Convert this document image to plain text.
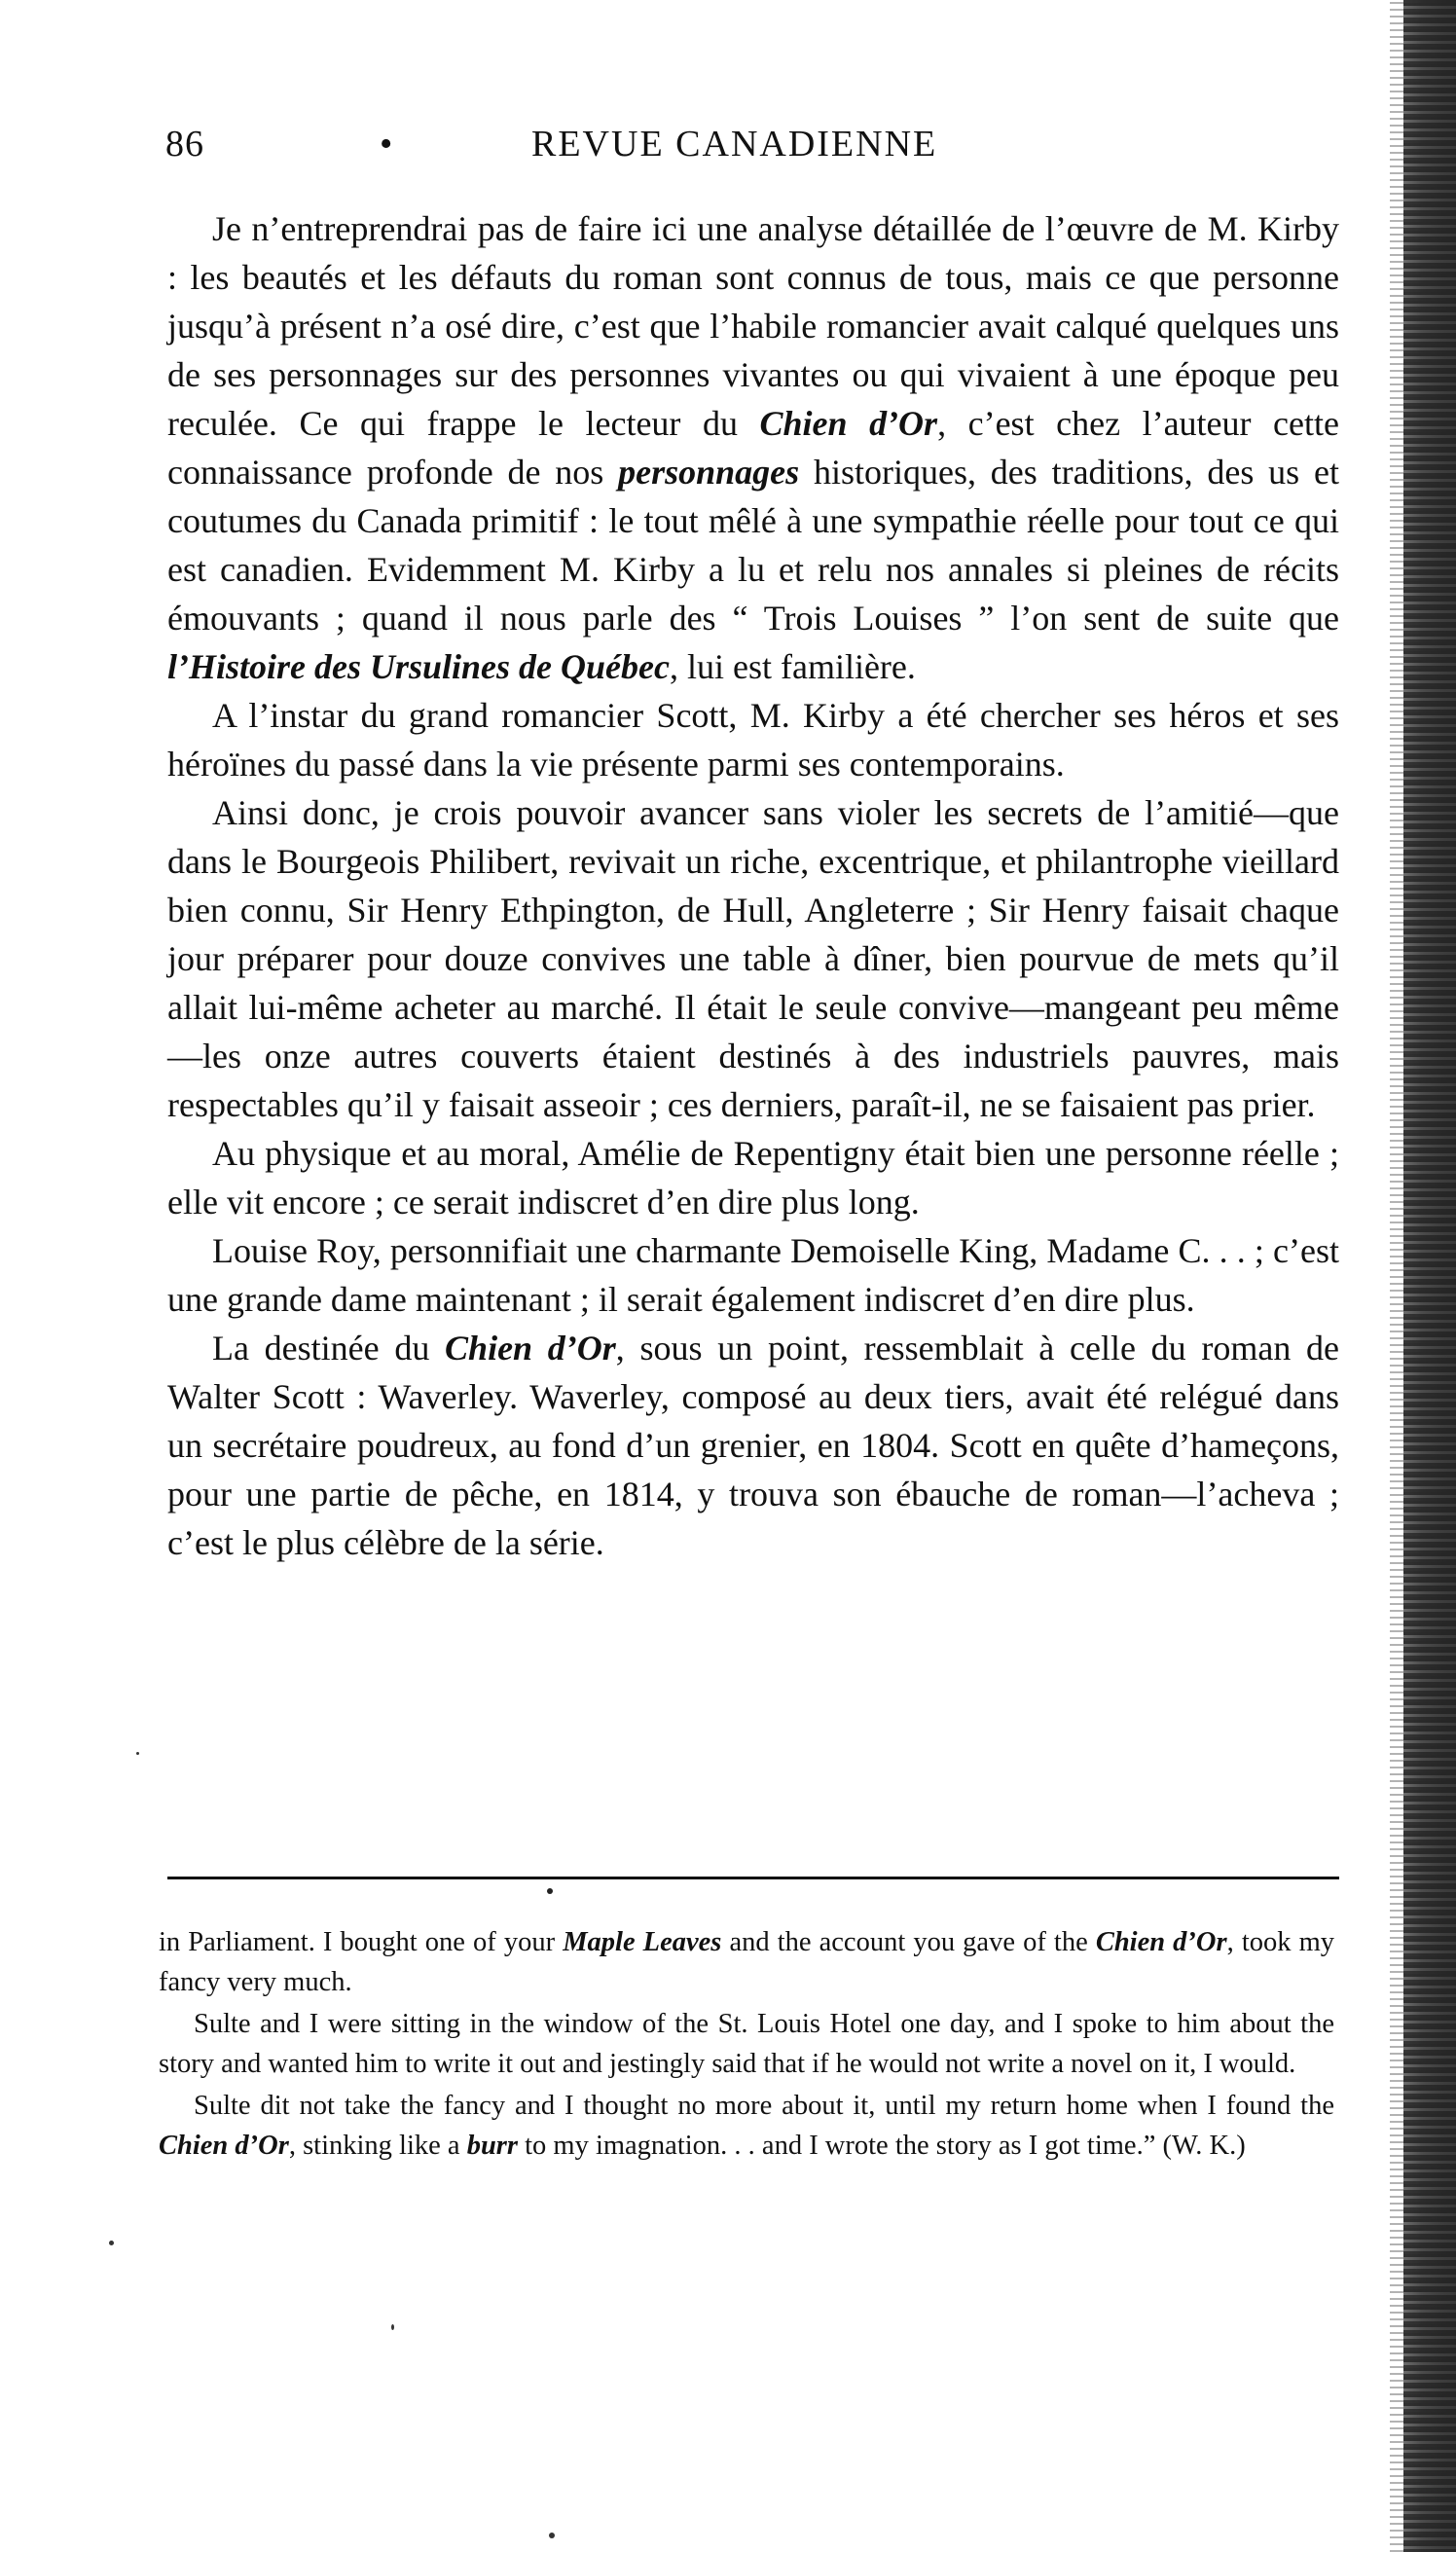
86	•	REVUE CANADIENNE

Je n’entreprendrai pas de faire ici une analyse détaillée de l’œuvre de M. Kirby : les beautés et les défauts du roman sont connus de tous, mais ce que personne jusqu’à présent n’a osé dire, c’est que l’habile romancier avait calqué quelques uns de ses personnages sur des personnes vivantes ou qui vivaient à une époque peu reculée. Ce qui frappe le lecteur du Chien d’Or, c’est chez l’auteur cette connaissance profonde de nos personnages historiques, des traditions, des us et coutumes du Canada primitif : le tout mêlé à une sympathie réelle pour tout ce qui est canadien. Evidemment M. Kirby a lu et relu nos annales si pleines de récits émouvants ; quand il nous parle des “ Trois Louises ” l’on sent de suite que l’Histoire des Ursulines de Québec, lui est familière.

A l’instar du grand romancier Scott, M. Kirby a été chercher ses héros et ses héroïnes du passé dans la vie présente parmi ses contemporains.

Ainsi donc, je crois pouvoir avancer sans violer les secrets de l’amitié—que dans le Bourgeois Philibert, revivait un riche, excentrique, et philantrophe vieillard bien connu, Sir Henry Ethpington, de Hull, Angleterre ; Sir Henry faisait chaque jour préparer pour douze convives une table à dîner, bien pourvue de mets qu’il allait lui-même acheter au marché. Il était le seule convive—mangeant peu même—les onze autres couverts étaient destinés à des industriels pauvres, mais respectables qu’il y faisait asseoir ; ces derniers, paraît-il, ne se faisaient pas prier.

Au physique et au moral, Amélie de Repentigny était bien une personne réelle ; elle vit encore ; ce serait indiscret d’en dire plus long.

Louise Roy, personnifiait une charmante Demoiselle King, Madame C. . . ; c’est une grande dame maintenant ; il serait également indiscret d’en dire plus.

La destinée du Chien d’Or, sous un point, ressemblait à celle du roman de Walter Scott : Waverley. Waverley, composé au deux tiers, avait été relégué dans un secrétaire poudreux, au fond d’un grenier, en 1804. Scott en quête d’hameçons, pour une partie de pêche, en 1814, y trouva son ébauche de roman—l’acheva ; c’est le plus célèbre de la série.

in Parliament. I bought one of your Maple Leaves and the account you gave of the Chien d’Or, took my fancy very much.

Sulte and I were sitting in the window of the St. Louis Hotel one day, and I spoke to him about the story and wanted him to write it out and jestingly said that if he would not write a novel on it, I would.

Sulte dit not take the fancy and I thought no more about it, until my return home when I found the Chien d’Or, stinking like a burr to my imagnation. . . and I wrote the story as I got time.” (W. K.)
